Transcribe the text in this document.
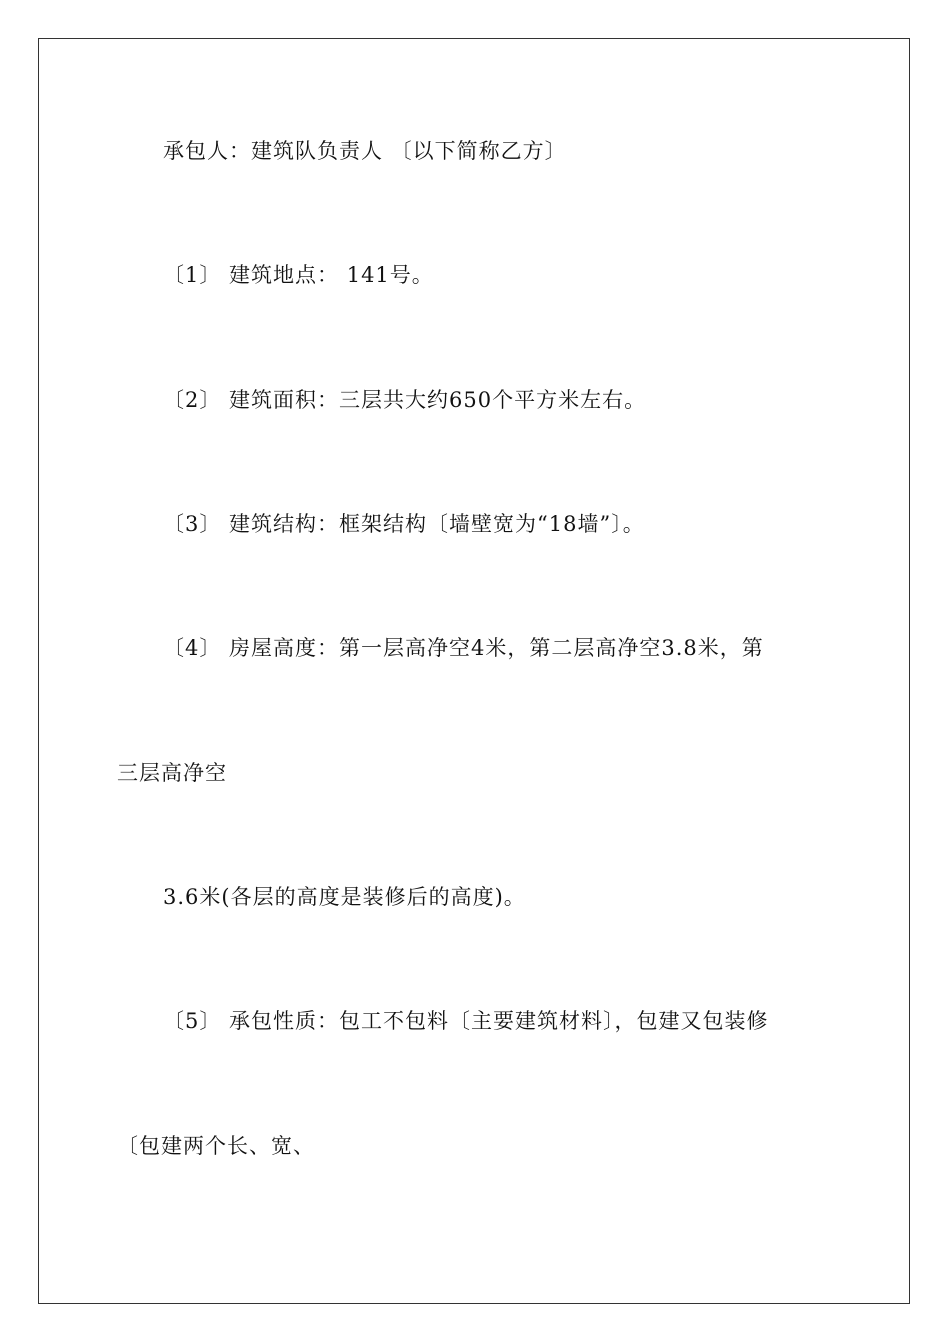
承包人：建筑队负责人 〔以下简称乙方〕
〔1〕 建筑地点： 141号。
〔2〕 建筑面积：三层共大约650个平方米左右。
〔3〕 建筑结构：框架结构〔墙壁宽为“18墙”〕。
〔4〕 房屋高度：第一层高净空4米，第二层高净空3.8米，第
三层高净空
3.6米(各层的高度是装修后的高度)。
〔5〕 承包性质：包工不包料〔主要建筑材料〕，包建又包装修
〔包建两个长、宽、
